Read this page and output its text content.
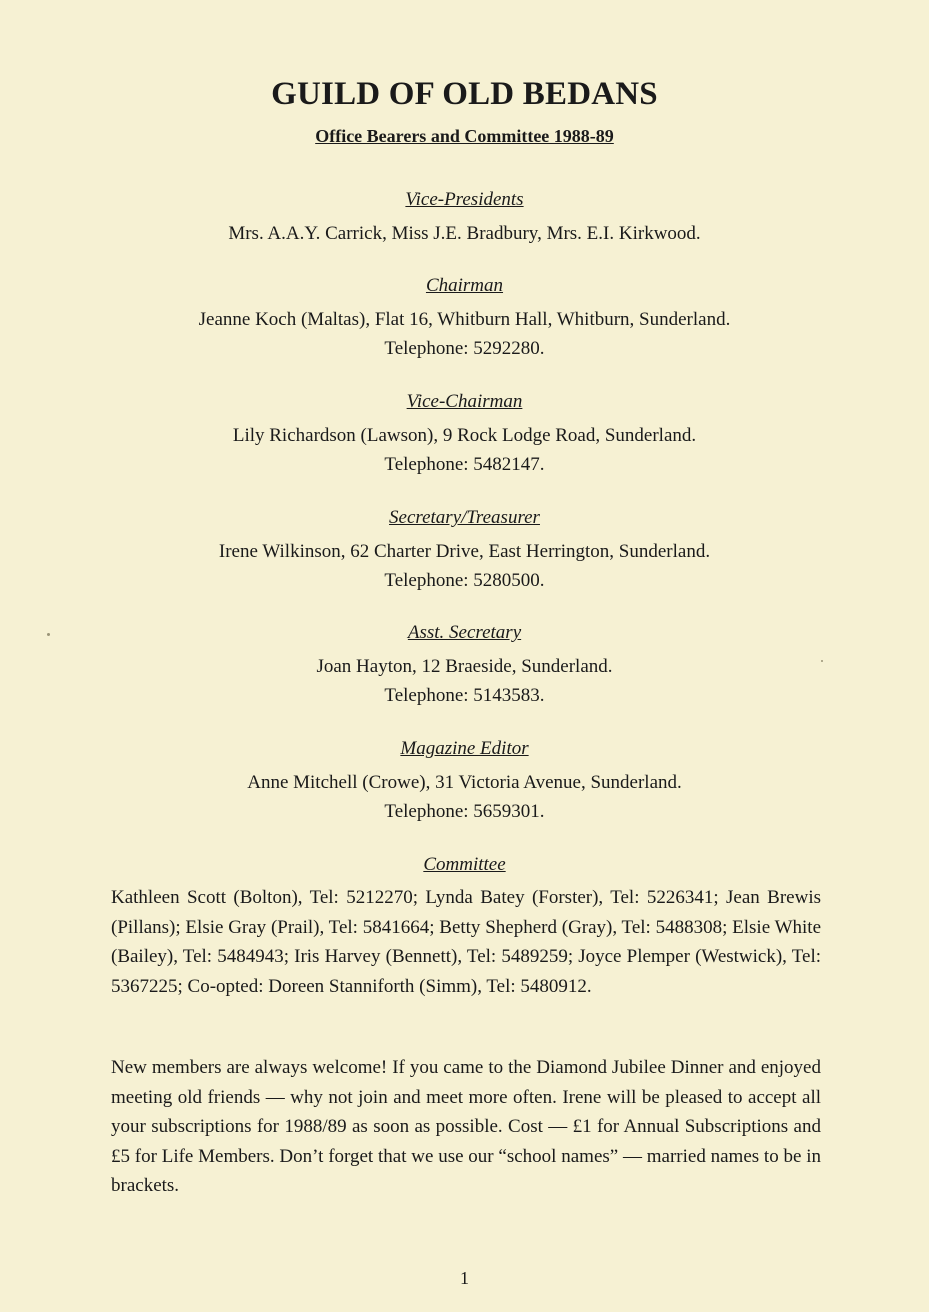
GUILD OF OLD BEDANS
Office Bearers and Committee 1988-89
Vice-Presidents
Mrs. A.A.Y. Carrick, Miss J.E. Bradbury, Mrs. E.I. Kirkwood.
Chairman
Jeanne Koch (Maltas), Flat 16, Whitburn Hall, Whitburn, Sunderland.
Telephone: 5292280.
Vice-Chairman
Lily Richardson (Lawson), 9 Rock Lodge Road, Sunderland.
Telephone: 5482147.
Secretary/Treasurer
Irene Wilkinson, 62 Charter Drive, East Herrington, Sunderland.
Telephone: 5280500.
Asst. Secretary
Joan Hayton, 12 Braeside, Sunderland.
Telephone: 5143583.
Magazine Editor
Anne Mitchell (Crowe), 31 Victoria Avenue, Sunderland.
Telephone: 5659301.
Committee
Kathleen Scott (Bolton), Tel: 5212270; Lynda Batey (Forster), Tel: 5226341; Jean Brewis (Pillans); Elsie Gray (Prail), Tel: 5841664; Betty Shepherd (Gray), Tel: 5488308; Elsie White (Bailey), Tel: 5484943; Iris Harvey (Bennett), Tel: 5489259; Joyce Plemper (Westwick), Tel: 5367225; Co-opted: Doreen Stanniforth (Simm), Tel: 5480912.
New members are always welcome! If you came to the Diamond Jubilee Dinner and enjoyed meeting old friends — why not join and meet more often. Irene will be pleased to accept all your subscriptions for 1988/89 as soon as possible. Cost — £1 for Annual Subscriptions and £5 for Life Members. Don’t forget that we use our “school names” — married names to be in brackets.
1
